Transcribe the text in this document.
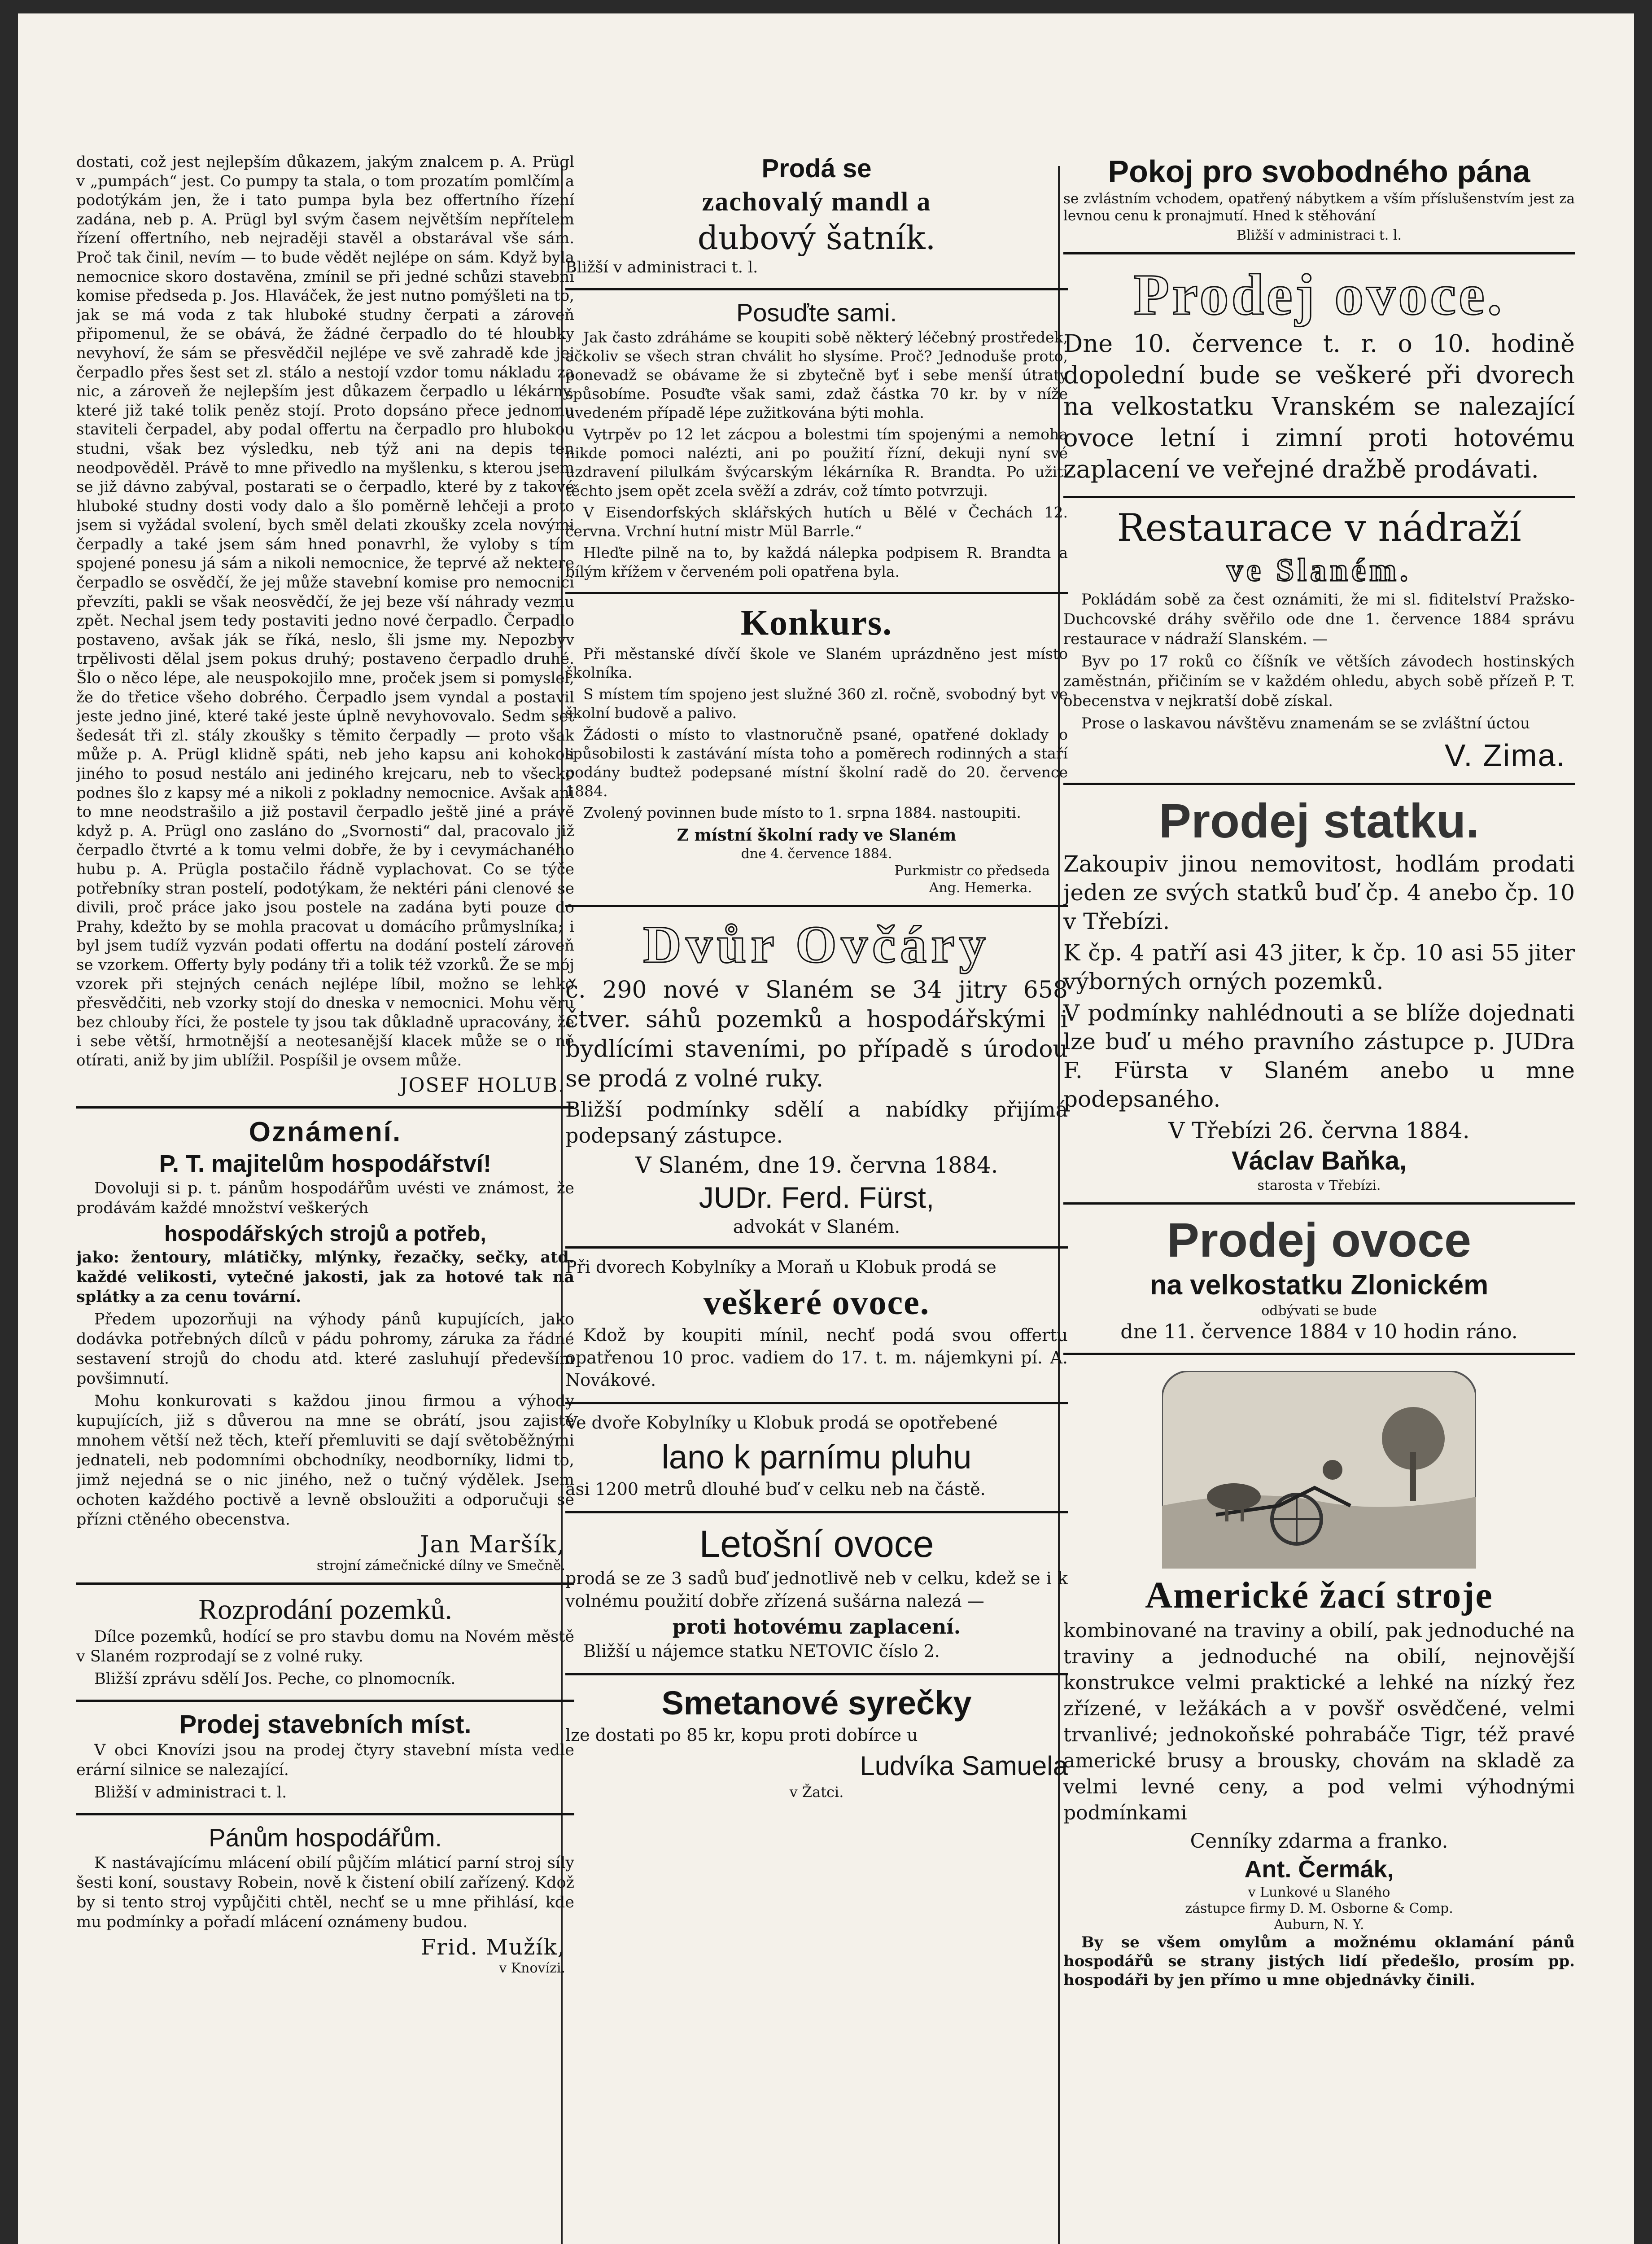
dostati, což jest nejlepším důkazem, jakým znalcem p. A. Prügl v „pumpách“ jest. Co pumpy ta stala, o tom prozatím pomlčím a podotýkám jen, že i tato pumpa byla bez offertního řízení zadána, neb p. A. Prügl byl svým časem největším nepřítelem řízení offertního, neb nejraději stavěl a obstarával vše sám. Proč tak činil, nevím — to bude vědět nejlépe on sám. Když byla nemocnice skoro dostavěna, zmínil se při jedné schůzi stavební komise předseda p. Jos. Hlaváček, že jest nutno pomýšleti na to, jak se má voda z tak hluboké studny čerpati a zároveň připomenul, že se obává, že žádné čerpadlo do té hloubky nevyhoví, že sám se přesvědčil nejlépe ve svě zahradě kde jej čerpadlo přes šest set zl. stálo a nestojí vzdor tomu nákladu za nic, a zároveň že nejlepším jest důkazem čerpadlo u lékárny, které již také tolik peněz stojí. Proto dopsáno přece jednomu staviteli čerpadel, aby podal offertu na čerpadlo pro hlubokou studni, však bez výsledku, neb týž ani na depis ten neodpověděl. Právě to mne přivedlo na myšlenku, s kterou jsem se již dávno zabýval, postarati se o čerpadlo, které by z takové hluboké studny dosti vody dalo a šlo poměrně lehčeji a proto jsem si vyžádal svolení, bych směl delati zkoušky zcela novými čerpadly a také jsem sám hned ponavrhl, že vyloby s tím spojené ponesu já sám a nikoli nemocnice, že teprvé až nektere čerpadlo se osvědčí, že jej může stavební komise pro nemocnici převzíti, pakli se však neosvědčí, že jej beze vší náhrady vezmu zpět. Nechal jsem tedy postaviti jedno nové čerpadlo. Čerpadlo postaveno, avšak ják se říká, neslo, šli jsme my. Nepozbyv trpělivosti dělal jsem pokus druhý; postaveno čerpadlo druhé. Šlo o něco lépe, ale neuspokojilo mne, proček jsem si pomyslel, že do třetice všeho dobrého. Čerpadlo jsem vyndal a postavil jeste jedno jiné, které také jeste úplně nevyhovovalo. Sedm set šedesát tři zl. stály zkoušky s těmito čerpadly — proto však může p. A. Prügl klidně spáti, neb jeho kapsu ani kohokoli jiného to posud nestálo ani jediného krejcaru, neb to všecko podnes šlo z kapsy mé a nikoli z pokladny nemocnice. Avšak ani to mne neodstrašilo a již postavil čerpadlo ještě jiné a právě když p. A. Prügl ono zasláno do „Svornosti“ dal, pracovalo již čerpadlo čtvrté a k tomu velmi dobře, že by i cevymáchaného hubu p. A. Prügla postačilo řádně vyplachovat. Co se týče potřebníky stran postelí, podotýkam, že nektéri páni clenové se divili, proč práce jako jsou postele na zadána byti pouze do Prahy, kdežto by se mohla pracovat u domácího průmyslníka; i byl jsem tudíž vyzván podati offertu na dodání postelí zároveň se vzorkem. Offerty byly podány tři a tolik též vzorků. Že se mój vzorek při stejných cenách nejlépe líbil, možno se lehko přesvědčiti, neb vzorky stojí do dneska v nemocnici. Mohu věru bez chlouby říci, že postele ty jsou tak důkladně upracovány, že i sebe větší, hrmotnější a neotesanější klacek může se o ně otírati, aniž by jim ublížil. Pospíšil je ovsem může.

JOSEF HOLUB.
Oznámení.
P. T. majitelům hospodářství!

Dovoluji si p. t. pánům hospodářům uvésti ve známost, že prodávám každé množství veškerých

hospodářských strojů a potřeb,

jako: žentoury, mlátičky, mlýnky, řezačky, sečky, atd. každé velikosti, vytečné jakosti, jak za hotové tak na splátky a za cenu tovární.

Předem upozorňuji na výhody pánů kupujících, jako dodávka potřebných dílců v pádu pohromy, záruka za řádné sestavení strojů do chodu atd. které zasluhují především povšimnutí.

Mohu konkurovati s každou jinou firmou a výhody kupujících, již s důverou na mne se obrátí, jsou zajisté mnohem větší než těch, kteří přemluviti se dají světoběžnými jednateli, neb podomními obchodníky, neodborníky, lidmi to, jimž nejedná se o nic jiného, než o tučný výdělek. Jsem ochoten každého poctivě a levně obsloužiti a odporučuji se přízni ctěného obecenstva.

Jan Maršík,
strojní zámečnické dílny ve Smečně.
Rozprodání pozemků.

Dílce pozemků, hodící se pro stavbu domu na Novém městě v Slaném rozprodají se z volné ruky.

Bližší zprávu sdělí Jos. Peche, co plnomocník.

Prodej stavebních míst.

V obci Knovízi jsou na prodej čtyry stavební místa vedle erární silnice se nalezající.

Bližší v administraci t. l.

Pánům hospodářům.

K nastávajícímu mlácení obilí půjčím mláticí parní stroj síly šesti koní, soustavy Robein, nově k čistení obilí zařízený. Kdož by si tento stroj vypůjčiti chtěl, nechť se u mne přihlásí, kde mu podmínky a pořadí mlácení oznámeny budou.

Frid. Mužík,
v Knovízi.
Prodá se
zachovalý mandl a
dubový šatník.

Bližší v administraci t. l.

Posuďte sami.

Jak často zdráháme se koupiti sobě některý léčebný prostředek, ačkoliv se všech stran chválit ho slysíme. Proč? Jednoduše proto, ponevadž se obávame že si zbytečně byť i sebe menší útraty spůsobíme. Posuďte však sami, zdaž částka 70 kr. by v níže uvedeném případě lépe zužitkována býti mohla.

Vytrpěv po 12 let zácpou a bolestmi tím spojenými a nemoha nikde pomoci nalézti, ani po použití řízní, dekuji nyní své uzdravení pilulkám švýcarským lékárníka R. Brandta. Po užití těchto jsem opět zcela svěží a zdráv, což tímto potvrzuji.

V Eisendorfských sklářských hutích u Bělé v Čechách 12. června. Vrchní hutní mistr Mül Barrle.“

Hleďte pilně na to, by každá nálepka podpisem R. Brandta a bílým křížem v červeném poli opatřena byla.

Konkurs.

Při městanské dívčí škole ve Slaném uprázdněno jest místo školníka.

S místem tím spojeno jest služné 360 zl. ročně, svobodný byt ve školní budově a palivo.

Žádosti o místo to vlastnoručně psané, opatřené doklady o spůsobilosti k zastávání místa toho a pomĕrech rodinných a staří podány budtež podepsané místní školní radě do 20. července 1884.

Zvolený povinnen bude místo to 1. srpna 1884. nastoupiti.

Z místní školní rady ve Slaném
dne 4. července 1884.
Purkmistr co předseda
Ang. Hemerka.
Dvůr Ovčáry

č. 290 nové v Slaném se 34 jitry 658 čtver. sáhů pozemků a hospodářskými i bydlícími staveními, po případě s úrodou se prodá z volné ruky.

Bližší podmínky sdělí a nabídky přijímá podepsaný zástupce.

V Slaném, dne 19. června 1884.
JUDr. Ferd. Fürst,
advokát v Slaném.

Při dvorech Kobylníky a Moraň u Klobuk prodá se

veškeré ovoce.

Kdož by koupiti mínil, nechť podá svou offertu opatřenou 10 proc. vadiem do 17. t. m. nájemkyni pí. A. Novákové.

Ve dvoře Kobylníky u Klobuk prodá se opotřebené

lano k parnímu pluhu

asi 1200 metrů dlouhé buď v celku neb na částě.

Letošní ovoce

prodá se ze 3 sadů buď jednotlivě neb v celku, kdež se i k volnému použití dobře zřízená sušárna nalezá —

proti hotovému zaplacení.

Bližší u nájemce statku NETOVIC číslo 2.

Smetanové syrečky

lze dostati po 85 kr, kopu proti dobírce u

Ludvíka Samuela
v Žatci.
Pokoj pro svobodného pána

se zvlástním vchodem, opatřený nábytkem a vším příslušenstvím jest za levnou cenu k pronajmutí. Hned k stěhování

Bližší v administraci t. l.
Prodej ovoce.

Dne 10. července t. r. o 10. hodině dopolední bude se veškeré při dvorech na velkostatku Vranském se nalezající ovoce letní i zimní proti hotovému zaplacení ve veřejné dražbě prodávati.

Restaurace v nádraží
ve Slaném.

Pokládám sobě za čest oznámiti, že mi sl. fiditelství Pražsko-Duchcovské dráhy svěřilo ode dne 1. července 1884 správu restaurace v nádraží Slanském. —

Byv po 17 roků co číšník ve větších závodech hostinských zaměstnán, přičiním se v každém ohledu, abych sobě přízeň P. T. obecenstva v nejkratší době získal.

Prose o laskavou návštěvu znamenám se se zvláštní úctou

V. Zima.
Prodej statku.

Zakoupiv jinou nemovitost, hodlám prodati jeden ze svých statků buď čp. 4 anebo čp. 10 v Třebízi.

K čp. 4 patří asi 43 jiter, k čp. 10 asi 55 jiter výborných orných pozemků.

V podmínky nahlédnouti a se blíže dojednati lze buď u mého pravního zástupce p. JUDra F. Fürsta v Slaném anebo u mne podepsaného.

V Třebízi 26. června 1884.
Václav Baňka,
starosta v Třebízi.
Prodej ovoce
na velkostatku Zlonickém
odbývati se bude
dne 11. července 1884 v 10 hodin ráno.
Americké žací stroje

kombinované na traviny a obilí, pak jednoduché na traviny a jednoduché na obilí, nejnovější konstrukce velmi praktické a lehké na nízký řez zřízené, v ležákách a v povšř osvědčené, velmi trvanlivé; jednokoňské pohrabáče Tigr, též pravé americké brusy a brousky, chovám na skladě za velmi levné ceny, a pod velmi výhodnými podmínkami

Cenníky zdarma a franko.
Ant. Čermák,
v Lunkové u Slaného
zástupce firmy D. M. Osborne & Comp.
Auburn, N. Y.

By se všem omylům a možnému oklamání pánů hospodářů se strany jistých lidí předešlo, prosím pp. hospodáři by jen přímo u mne objednávky činili.
